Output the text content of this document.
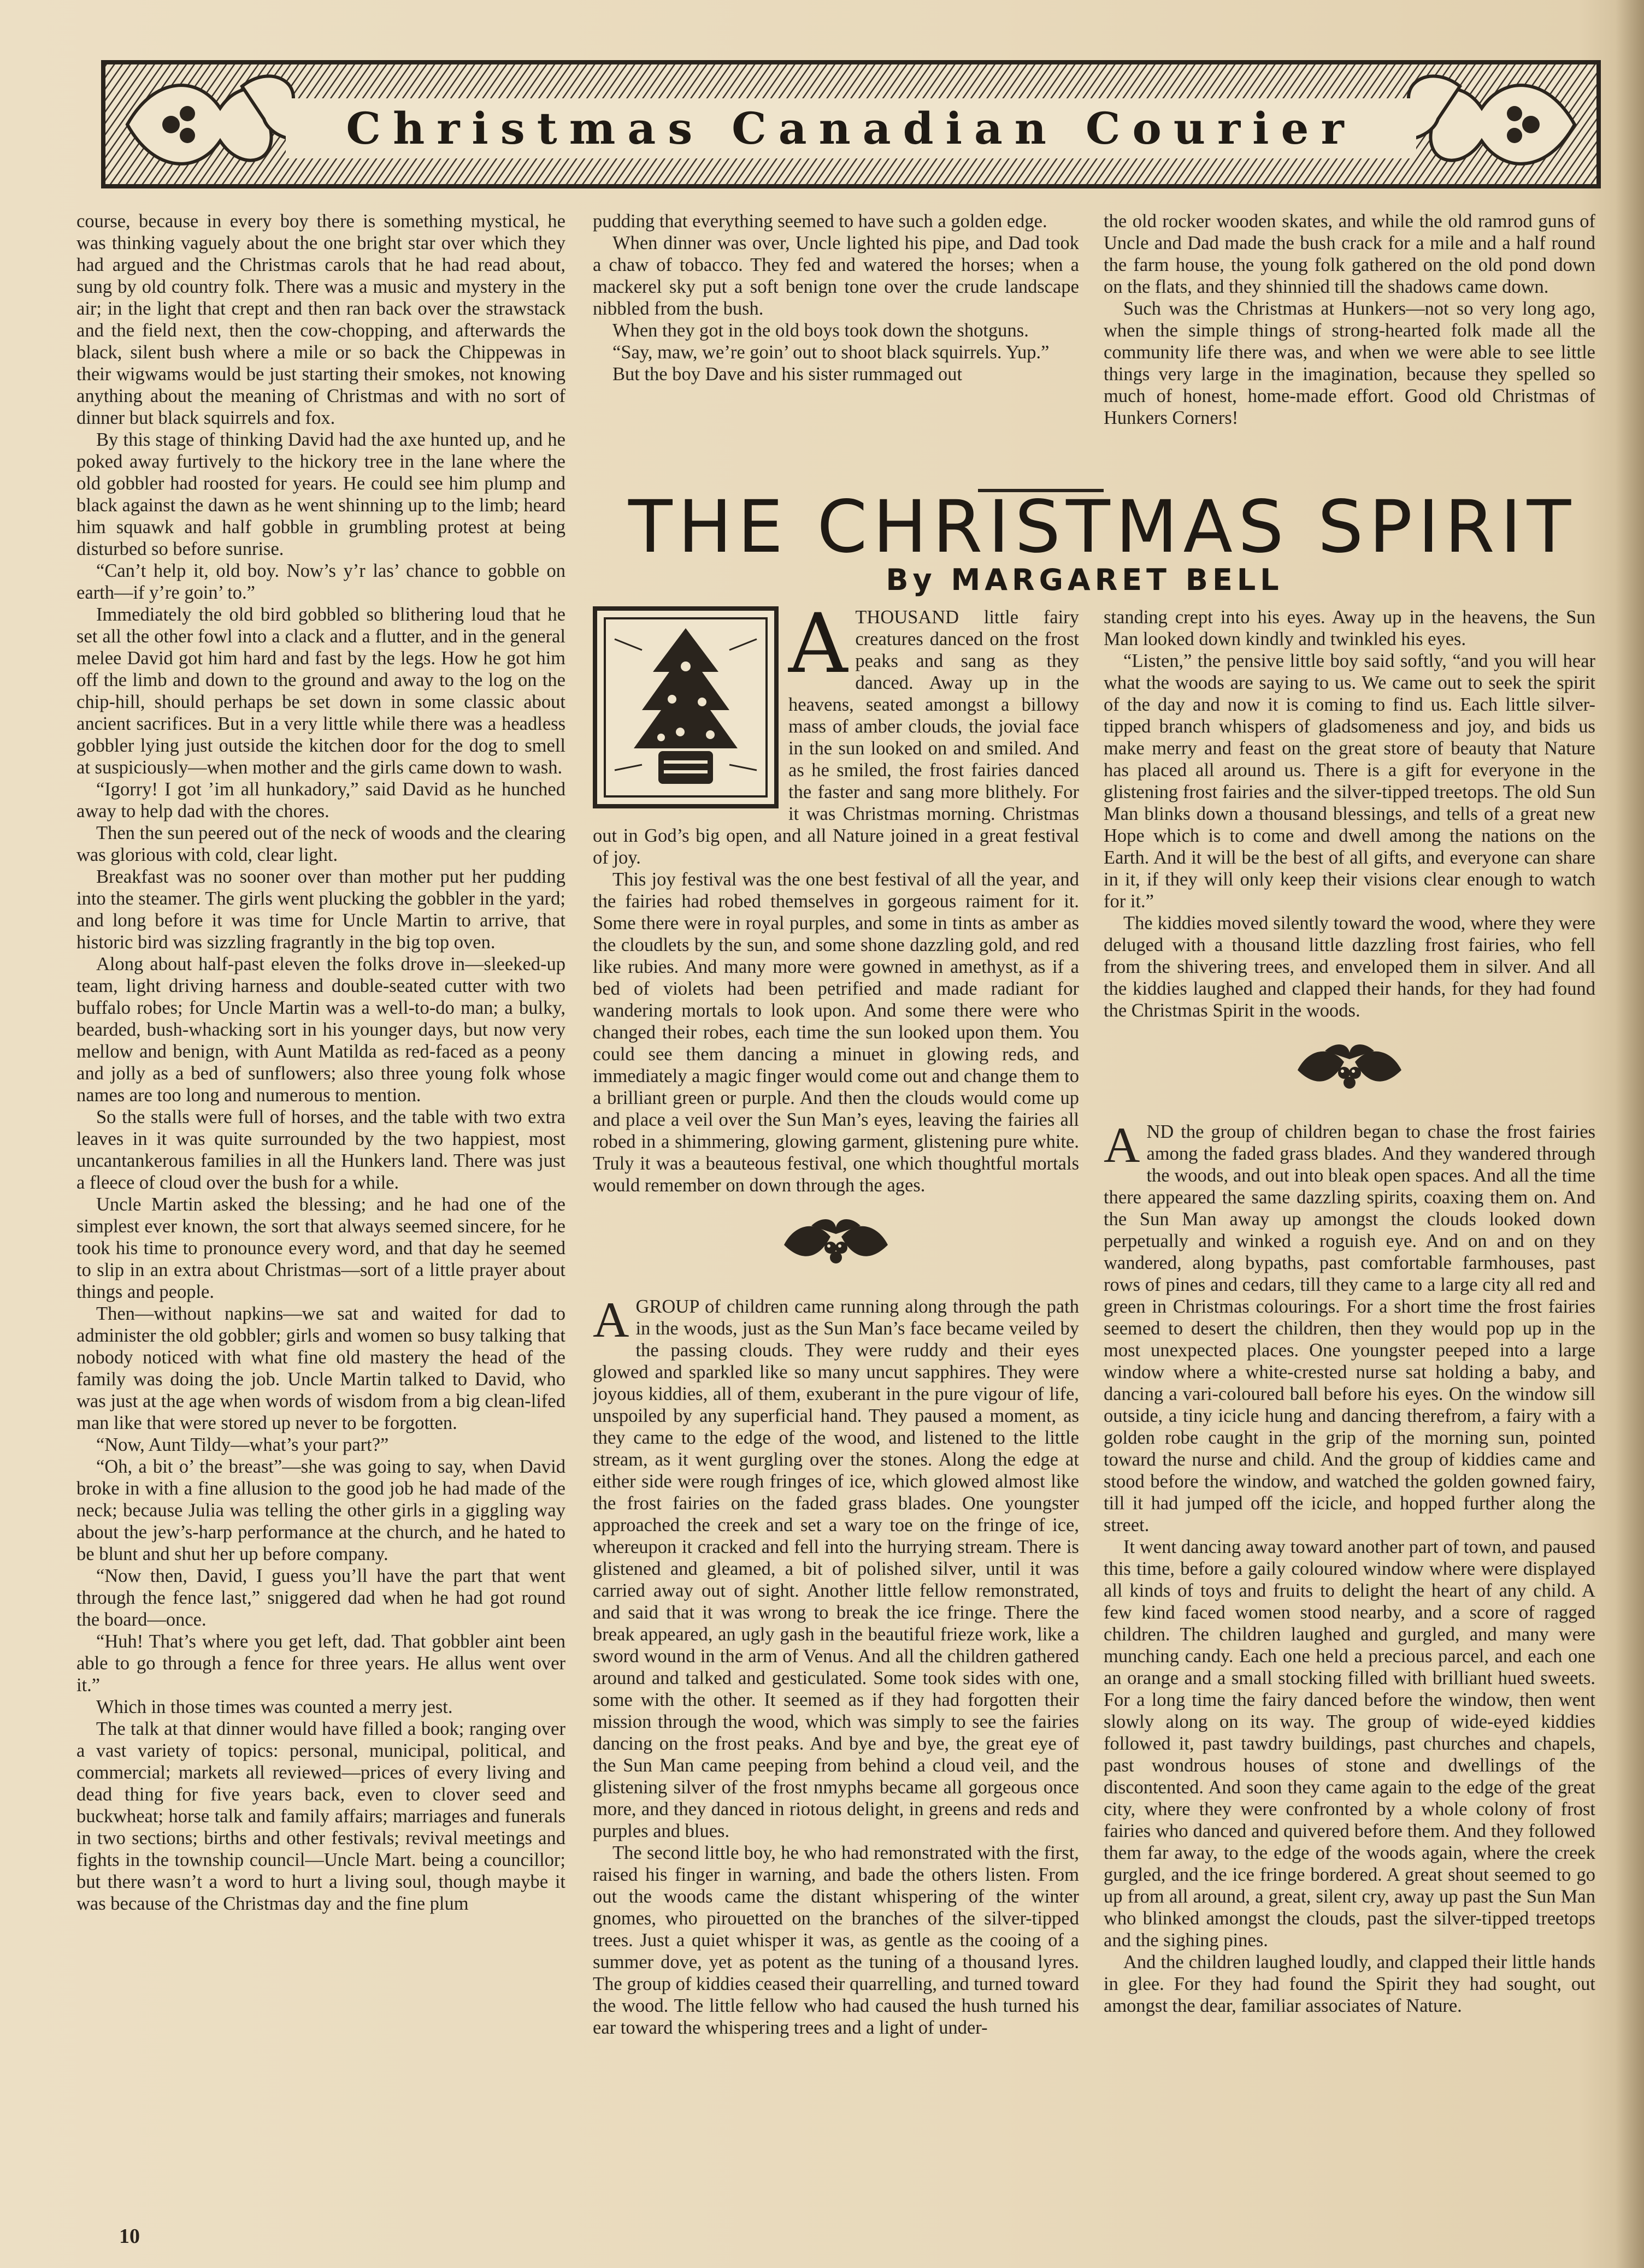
Christmas Canadian Courier

course, because in every boy there is something mystical, he was thinking vaguely about the one bright star over which they had argued and the Christmas carols that he had read about, sung by old country folk. There was a music and mystery in the air; in the light that crept and then ran back over the strawstack and the field next, then the cow-chopping, and afterwards the black, silent bush where a mile or so back the Chippewas in their wigwams would be just starting their smokes, not knowing anything about the meaning of Christmas and with no sort of dinner but black squirrels and fox.

By this stage of thinking David had the axe hunted up, and he poked away furtively to the hickory tree in the lane where the old gobbler had roosted for years. He could see him plump and black against the dawn as he went shinning up to the limb; heard him squawk and half gobble in grumbling protest at being disturbed so before sunrise.

“Can’t help it, old boy. Now’s y’r las’ chance to gobble on earth—if y’re goin’ to.”

Immediately the old bird gobbled so blithering loud that he set all the other fowl into a clack and a flutter, and in the general melee David got him hard and fast by the legs. How he got him off the limb and down to the ground and away to the log on the chip-hill, should perhaps be set down in some classic about ancient sacrifices. But in a very little while there was a headless gobbler lying just outside the kitchen door for the dog to smell at suspiciously—when mother and the girls came down to wash.

“Igorry! I got ’im all hunkadory,” said David as he hunched away to help dad with the chores.

Then the sun peered out of the neck of woods and the clearing was glorious with cold, clear light.

Breakfast was no sooner over than mother put her pudding into the steamer. The girls went plucking the gobbler in the yard; and long before it was time for Uncle Martin to arrive, that historic bird was sizzling fragrantly in the big top oven.

Along about half-past eleven the folks drove in—sleeked-up team, light driving harness and double-seated cutter with two buffalo robes; for Uncle Martin was a well-to-do man; a bulky, bearded, bush-whacking sort in his younger days, but now very mellow and benign, with Aunt Matilda as red-faced as a peony and jolly as a bed of sunflowers; also three young folk whose names are too long and numerous to mention.

So the stalls were full of horses, and the table with two extra leaves in it was quite surrounded by the two happiest, most uncantankerous families in all the Hunkers land. There was just a fleece of cloud over the bush for a while.

Uncle Martin asked the blessing; and he had one of the simplest ever known, the sort that always seemed sincere, for he took his time to pronounce every word, and that day he seemed to slip in an extra about Christmas—sort of a little prayer about things and people.

Then—without napkins—we sat and waited for dad to administer the old gobbler; girls and women so busy talking that nobody noticed with what fine old mastery the head of the family was doing the job. Uncle Martin talked to David, who was just at the age when words of wisdom from a big clean-lifed man like that were stored up never to be forgotten.

“Now, Aunt Tildy—what’s your part?”

“Oh, a bit o’ the breast”—she was going to say, when David broke in with a fine allusion to the good job he had made of the neck; because Julia was telling the other girls in a giggling way about the jew’s-harp performance at the church, and he hated to be blunt and shut her up before company.

“Now then, David, I guess you’ll have the part that went through the fence last,” sniggered dad when he had got round the board—once.

“Huh! That’s where you get left, dad. That gobbler aint been able to go through a fence for three years. He allus went over it.”

Which in those times was counted a merry jest.

The talk at that dinner would have filled a book; ranging over a vast variety of topics: personal, municipal, political, and commercial; markets all reviewed—prices of every living and dead thing for five years back, even to clover seed and buckwheat; horse talk and family affairs; marriages and funerals in two sections; births and other festivals; revival meetings and fights in the township council—Uncle Mart. being a councillor; but there wasn’t a word to hurt a living soul, though maybe it was because of the Christmas day and the fine plum

pudding that everything seemed to have such a golden edge.

When dinner was over, Uncle lighted his pipe, and Dad took a chaw of tobacco. They fed and watered the horses; when a mackerel sky put a soft benign tone over the crude landscape nibbled from the bush.

When they got in the old boys took down the shotguns.

“Say, maw, we’re goin’ out to shoot black squirrels. Yup.”

But the boy Dave and his sister rummaged out

the old rocker wooden skates, and while the old ramrod guns of Uncle and Dad made the bush crack for a mile and a half round the farm house, the young folk gathered on the old pond down on the flats, and they shinnied till the shadows came down.

Such was the Christmas at Hunkers—not so very long ago, when the simple things of strong-hearted folk made all the community life there was, and when we were able to see little things very large in the imagination, because they spelled so much of honest, home-made effort. Good old Christmas of Hunkers Corners!

THE CHRISTMAS SPIRIT
By MARGARET BELL
A THOUSAND little fairy creatures danced on the frost peaks and sang as they danced. Away up in the heavens, seated amongst a billowy mass of amber clouds, the jovial face in the sun looked on and smiled. And as he smiled, the frost fairies danced the faster and sang more blithely. For it was Christmas morning. Christmas out in God’s big open, and all Nature joined in a great festival of joy.

This joy festival was the one best festival of all the year, and the fairies had robed themselves in gorgeous raiment for it. Some there were in royal purples, and some in tints as amber as the cloudlets by the sun, and some shone dazzling gold, and red like rubies. And many more were gowned in amethyst, as if a bed of violets had been petrified and made radiant for wandering mortals to look upon. And some there were who changed their robes, each time the sun looked upon them. You could see them dancing a minuet in glowing reds, and immediately a magic finger would come out and change them to a brilliant green or purple. And then the clouds would come up and place a veil over the Sun Man’s eyes, leaving the fairies all robed in a shimmering, glowing garment, glistening pure white. Truly it was a beauteous festival, one which thoughtful mortals would remember on down through the ages.

A GROUP of children came running along through the path in the woods, just as the Sun Man’s face became veiled by the passing clouds. They were ruddy and their eyes glowed and sparkled like so many uncut sapphires. They were joyous kiddies, all of them, exuberant in the pure vigour of life, unspoiled by any superficial hand. They paused a moment, as they came to the edge of the wood, and listened to the little stream, as it went gurgling over the stones. Along the edge at either side were rough fringes of ice, which glowed almost like the frost fairies on the faded grass blades. One youngster approached the creek and set a wary toe on the fringe of ice, whereupon it cracked and fell into the hurrying stream. There is glistened and gleamed, a bit of polished silver, until it was carried away out of sight. Another little fellow remonstrated, and said that it was wrong to break the ice fringe. There the break appeared, an ugly gash in the beautiful frieze work, like a sword wound in the arm of Venus. And all the children gathered around and talked and gesticulated. Some took sides with one, some with the other. It seemed as if they had forgotten their mission through the wood, which was simply to see the fairies dancing on the frost peaks. And bye and bye, the great eye of the Sun Man came peeping from behind a cloud veil, and the glistening silver of the frost nmyphs became all gorgeous once more, and they danced in riotous delight, in greens and reds and purples and blues.

The second little boy, he who had remonstrated with the first, raised his finger in warning, and bade the others listen. From out the woods came the distant whispering of the winter gnomes, who pirouetted on the branches of the silver-tipped trees. Just a quiet whisper it was, as gentle as the cooing of a summer dove, yet as potent as the tuning of a thousand lyres. The group of kiddies ceased their quarrelling, and turned toward the wood. The little fellow who had caused the hush turned his ear toward the whispering trees and a light of under-

standing crept into his eyes. Away up in the heavens, the Sun Man looked down kindly and twinkled his eyes.

“Listen,” the pensive little boy said softly, “and you will hear what the woods are saying to us. We came out to seek the spirit of the day and now it is coming to find us. Each little silver-tipped branch whispers of gladsomeness and joy, and bids us make merry and feast on the great store of beauty that Nature has placed all around us. There is a gift for everyone in the glistening frost fairies and the silver-tipped treetops. The old Sun Man blinks down a thousand blessings, and tells of a great new Hope which is to come and dwell among the nations on the Earth. And it will be the best of all gifts, and everyone can share in it, if they will only keep their visions clear enough to watch for it.”

The kiddies moved silently toward the wood, where they were deluged with a thousand little dazzling frost fairies, who fell from the shivering trees, and enveloped them in silver. And all the kiddies laughed and clapped their hands, for they had found the Christmas Spirit in the woods.

A ND the group of children began to chase the frost fairies among the faded grass blades. And they wandered through the woods, and out into bleak open spaces. And all the time there appeared the same dazzling spirits, coaxing them on. And the Sun Man away up amongst the clouds looked down perpetually and winked a roguish eye. And on and on they wandered, along bypaths, past comfortable farmhouses, past rows of pines and cedars, till they came to a large city all red and green in Christmas colourings. For a short time the frost fairies seemed to desert the children, then they would pop up in the most unexpected places. One youngster peeped into a large window where a white-crested nurse sat holding a baby, and dancing a vari-coloured ball before his eyes. On the window sill outside, a tiny icicle hung and dancing therefrom, a fairy with a golden robe caught in the grip of the morning sun, pointed toward the nurse and child. And the group of kiddies came and stood before the window, and watched the golden gowned fairy, till it had jumped off the icicle, and hopped further along the street.

It went dancing away toward another part of town, and paused this time, before a gaily coloured window where were displayed all kinds of toys and fruits to delight the heart of any child. A few kind faced women stood nearby, and a score of ragged children. The children laughed and gurgled, and many were munching candy. Each one held a precious parcel, and each one an orange and a small stocking filled with brilliant hued sweets. For a long time the fairy danced before the window, then went slowly along on its way. The group of wide-eyed kiddies followed it, past tawdry buildings, past churches and chapels, past wondrous houses of stone and dwellings of the discontented. And soon they came again to the edge of the great city, where they were confronted by a whole colony of frost fairies who danced and quivered before them. And they followed them far away, to the edge of the woods again, where the creek gurgled, and the ice fringe bordered. A great shout seemed to go up from all around, a great, silent cry, away up past the Sun Man who blinked amongst the clouds, past the silver-tipped treetops and the sighing pines.

And the children laughed loudly, and clapped their little hands in glee. For they had found the Spirit they had sought, out amongst the dear, familiar associates of Nature.

10
